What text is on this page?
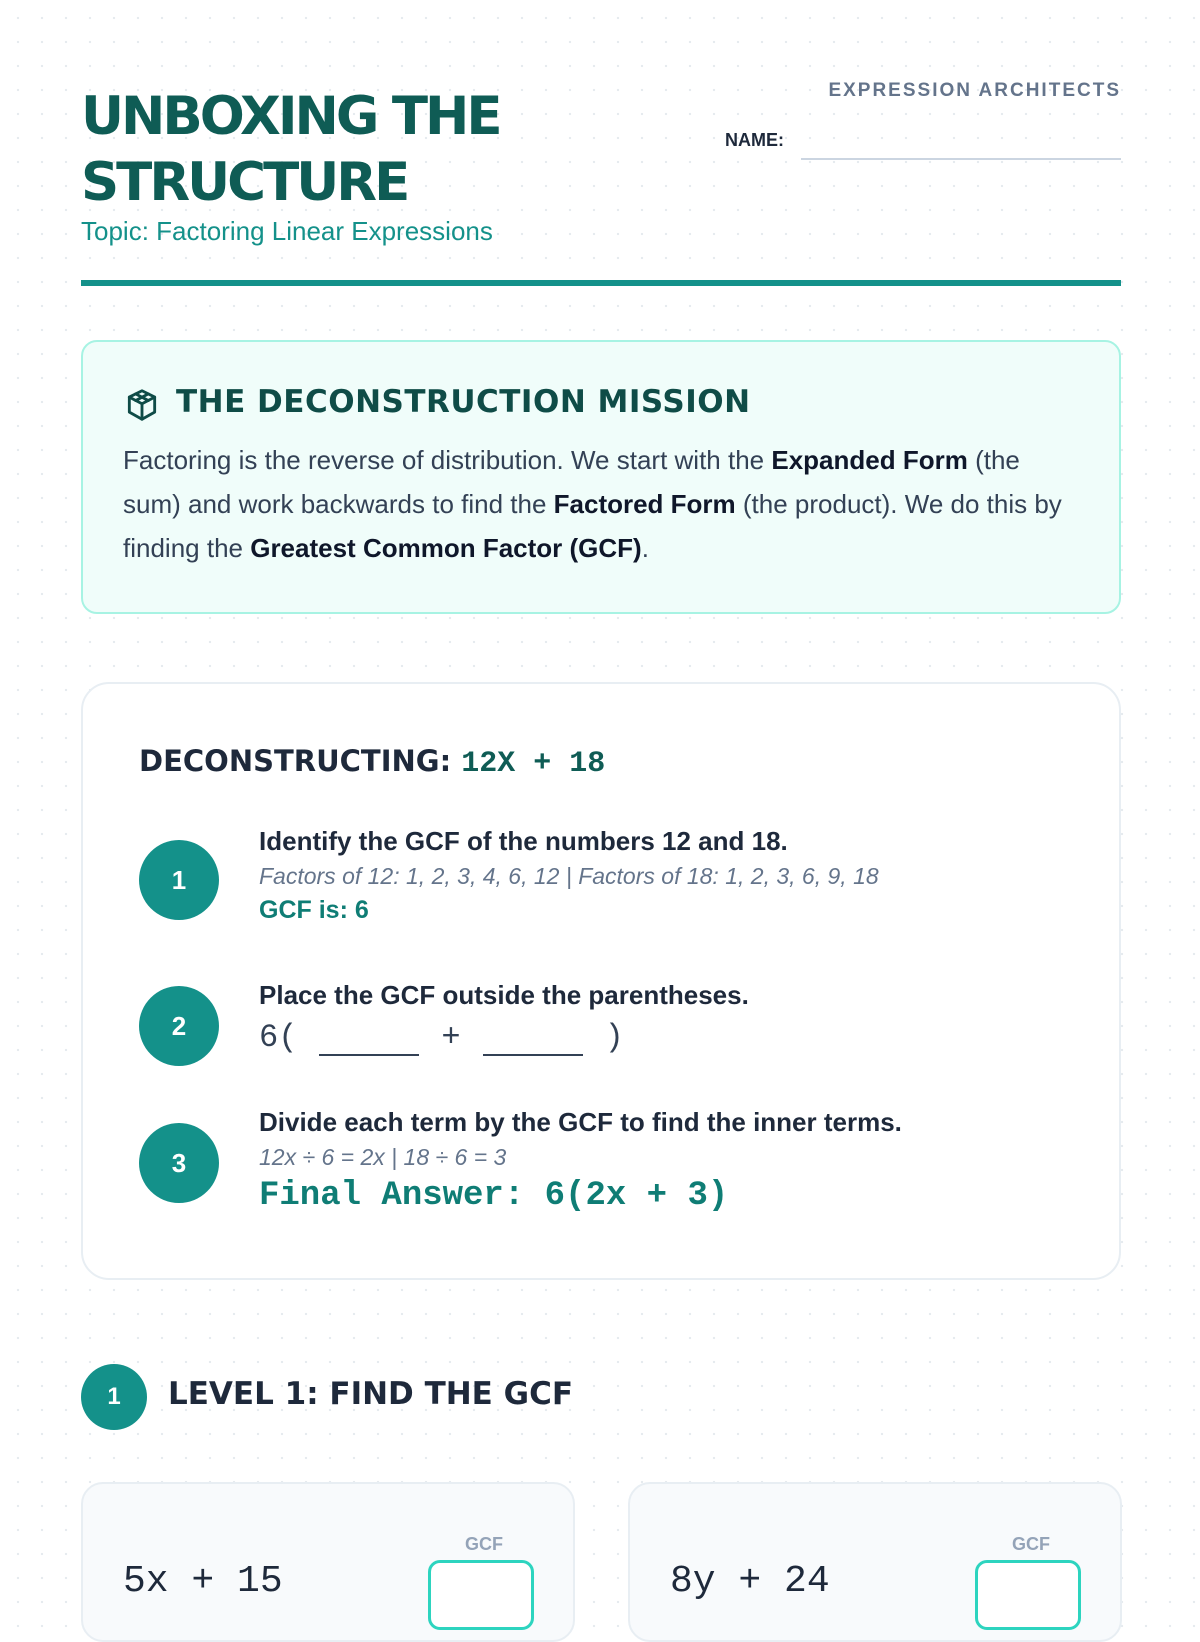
UNBOXING THE
STRUCTURE
Topic: Factoring Linear Expressions
EXPRESSION ARCHITECTS
NAME:
THE DECONSTRUCTION MISSION

Factoring is the reverse of distribution. We start with the Expanded Form (the sum) and work backwards to find the Factored Form (the product). We do this by finding the Greatest Common Factor (GCF).

DECONSTRUCTING: 12X + 18
1
Identify the GCF of the numbers 12 and 18.
Factors of 12: 1, 2, 3, 4, 6, 12 | Factors of 18: 1, 2, 3, 6, 9, 18
GCF is: 6
2
Place the GCF outside the parentheses.
6(	+	)
3
Divide each term by the GCF to find the inner terms.
12x ÷ 6 = 2x | 18 ÷ 6 = 3
Final Answer: 6(2x + 3)
1	LEVEL 1: FIND THE GCF
5x + 15
GCF
8y + 24
GCF
